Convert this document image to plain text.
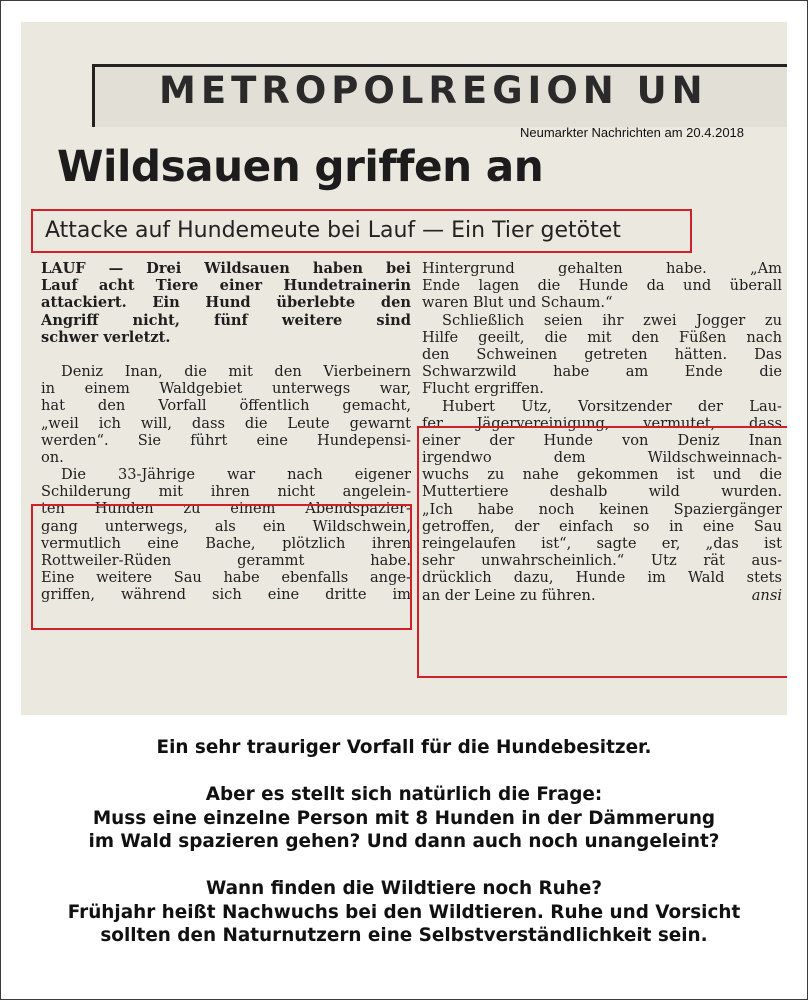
METROPOLREGION UN
Neumarkter Nachrichten am 20.4.2018
Wildsauen griffen an
Attacke auf Hundemeute bei Lauf — Ein Tier getötet
LAUF — Drei Wildsauen haben bei
Lauf acht Tiere einer Hundetrainerin
attackiert. Ein Hund überlebte den
Angriff nicht, fünf weitere sind
schwer verletzt.
Deniz Inan, die mit den Vierbeinern
in einem Waldgebiet unterwegs war,
hat den Vorfall öffentlich gemacht,
„weil ich will, dass die Leute gewarnt
werden“. Sie führt eine Hundepensi-
on.
Die 33-Jährige war nach eigener
Schilderung mit ihren nicht angelein-
ten Hunden zu einem Abendspazier-
gang unterwegs, als ein Wildschwein,
vermutlich eine Bache, plötzlich ihren
Rottweiler-Rüden gerammt habe.
Eine weitere Sau habe ebenfalls ange-
griffen, während sich eine dritte im
Hintergrund gehalten habe. „Am
Ende lagen die Hunde da und überall
waren Blut und Schaum.“
Schließlich seien ihr zwei Jogger zu
Hilfe geeilt, die mit den Füßen nach
den Schweinen getreten hätten. Das
Schwarzwild habe am Ende die
Flucht ergriffen.
Hubert Utz, Vorsitzender der Lau-
fer Jägervereinigung, vermutet, dass
einer der Hunde von Deniz Inan
irgendwo dem Wildschweinnach-
wuchs zu nahe gekommen ist und die
Muttertiere deshalb wild wurden.
„Ich habe noch keinen Spaziergänger
getroffen, der einfach so in eine Sau
reingelaufen ist“, sagte er, „das ist
sehr unwahrscheinlich.“ Utz rät aus-
drücklich dazu, Hunde im Wald stets
an der Leine zu führen.	ansi

Ein sehr trauriger Vorfall für die Hundebesitzer.

Aber es stellt sich natürlich die Frage:

Muss eine einzelne Person mit 8 Hunden in der Dämmerung

im Wald spazieren gehen? Und dann auch noch unangeleint?

Wann finden die Wildtiere noch Ruhe?

Frühjahr heißt Nachwuchs bei den Wildtieren. Ruhe und Vorsicht

sollten den Naturnutzern eine Selbstverständlichkeit sein.
